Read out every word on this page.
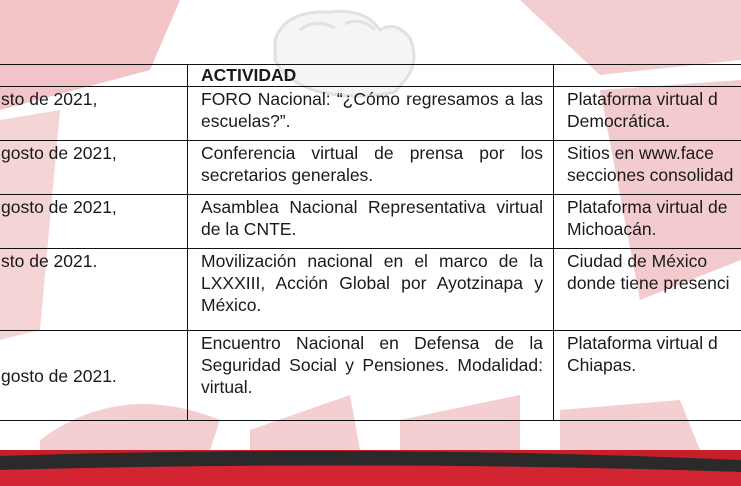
	ACTIVIDAD	
sto de 2021,	FORO Nacional: “¿Cómo regresamos a las escuelas?”.	Plataforma virtual d
Democrática.
gosto de 2021,	Conferencia virtual de prensa por los secretarios generales.	Sitios en www.face
secciones consolidad
gosto de 2021,	Asamblea Nacional Representativa virtual de la CNTE.	Plataforma virtual de
Michoacán.
sto de 2021.	Movilización nacional en el marco de la LXXXIII, Acción Global por Ayotzinapa y México.	Ciudad de México
donde tiene presenci
gosto de 2021.	Encuentro Nacional en Defensa de la Seguridad Social y Pensiones. Modalidad: virtual.	Plataforma virtual d
Chiapas.
